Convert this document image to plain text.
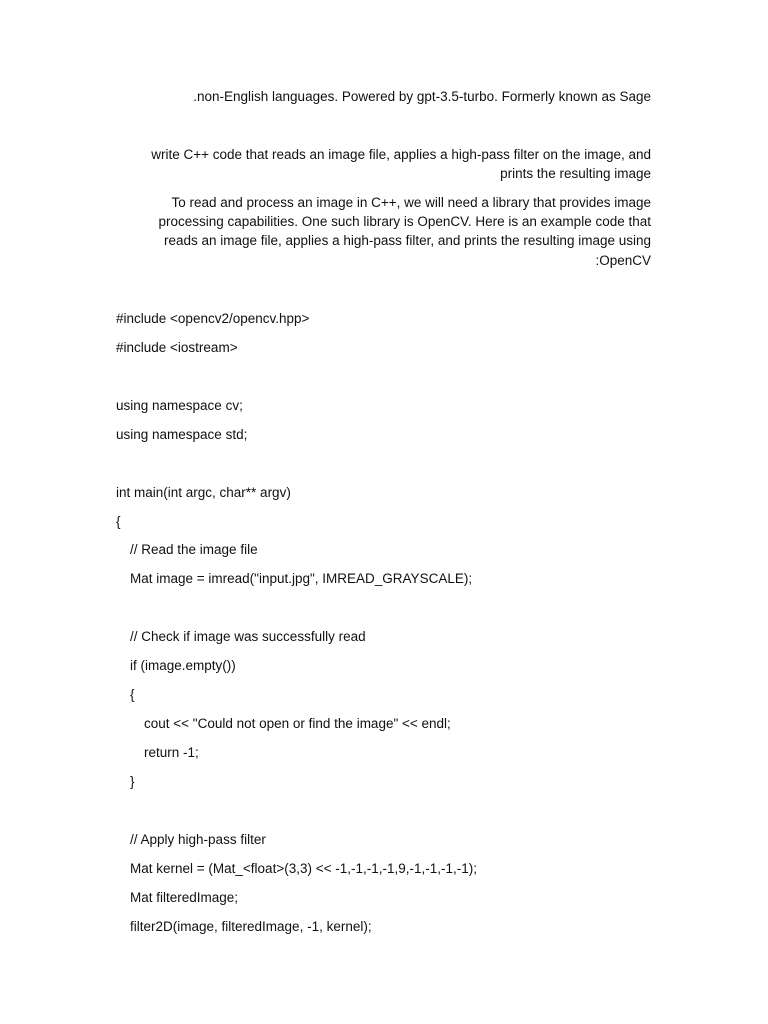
.non-English languages. Powered by gpt-3.5-turbo. Formerly known as Sage

write C++ code that reads an image file, applies a high-pass filter on the image, and

prints the resulting image

To read and process an image in C++, we will need a library that provides image

processing capabilities. One such library is OpenCV. Here is an example code that

reads an image file, applies a high-pass filter, and prints the resulting image using

:OpenCV

#include <opencv2/opencv.hpp>

#include <iostream>

using namespace cv;

using namespace std;

int main(int argc, char** argv)

{

// Read the image file

Mat image = imread("input.jpg", IMREAD_GRAYSCALE);

// Check if image was successfully read

if (image.empty())

{

cout << "Could not open or find the image" << endl;

return -1;

}

// Apply high-pass filter

Mat kernel = (Mat_<float>(3,3) << -1,-1,-1,-1,9,-1,-1,-1,-1);

Mat filteredImage;

filter2D(image, filteredImage, -1, kernel);
